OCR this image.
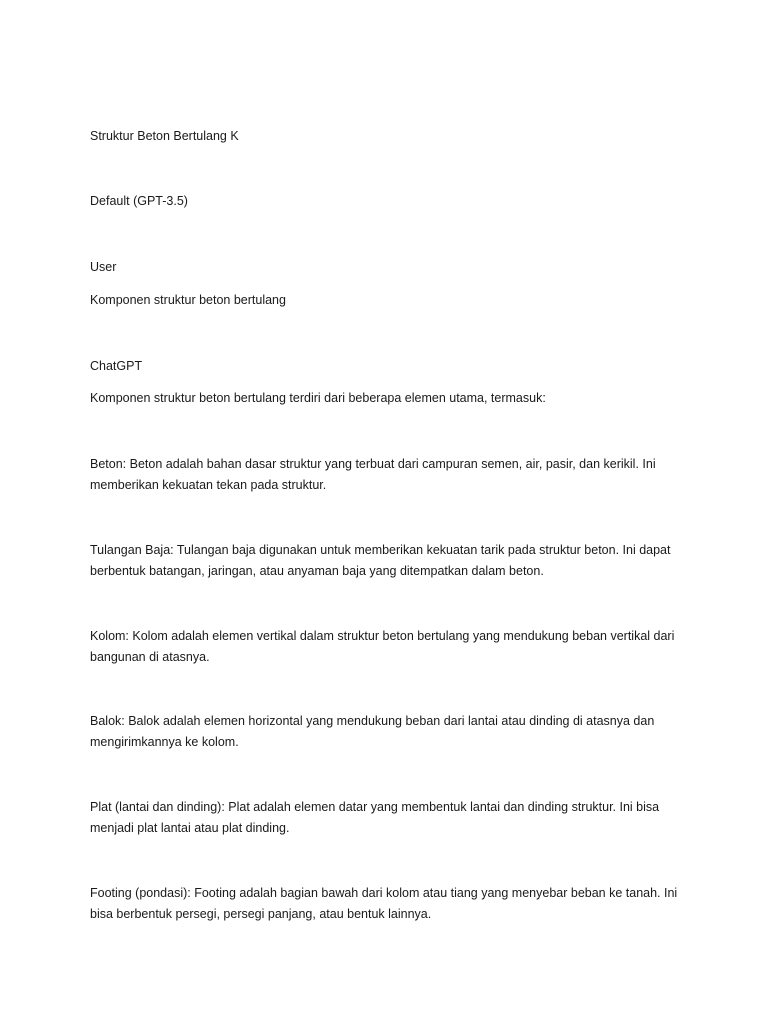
Struktur Beton Bertulang K

Default (GPT-3.5)

User

Komponen struktur beton bertulang

ChatGPT

Komponen struktur beton bertulang terdiri dari beberapa elemen utama, termasuk:

Beton: Beton adalah bahan dasar struktur yang terbuat dari campuran semen, air, pasir, dan kerikil. Ini memberikan kekuatan tekan pada struktur.

Tulangan Baja: Tulangan baja digunakan untuk memberikan kekuatan tarik pada struktur beton. Ini dapat berbentuk batangan, jaringan, atau anyaman baja yang ditempatkan dalam beton.

Kolom: Kolom adalah elemen vertikal dalam struktur beton bertulang yang mendukung beban vertikal dari bangunan di atasnya.

Balok: Balok adalah elemen horizontal yang mendukung beban dari lantai atau dinding di atasnya dan mengirimkannya ke kolom.

Plat (lantai dan dinding): Plat adalah elemen datar yang membentuk lantai dan dinding struktur. Ini bisa menjadi plat lantai atau plat dinding.

Footing (pondasi): Footing adalah bagian bawah dari kolom atau tiang yang menyebar beban ke tanah. Ini bisa berbentuk persegi, persegi panjang, atau bentuk lainnya.
